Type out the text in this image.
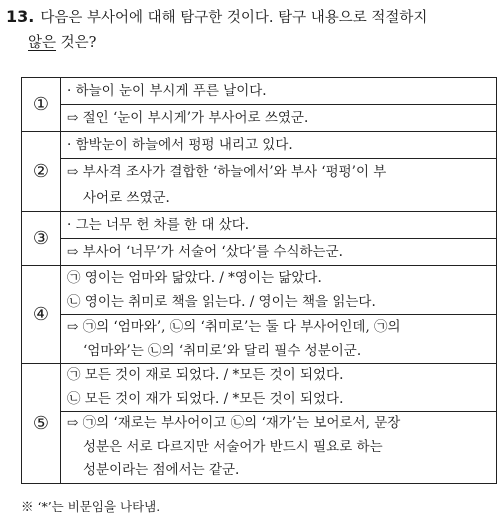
13. 다음은 부사어에 대해 탐구한 것이다. 탐구 내용으로 적절하지
않은 것은?
①	· 하늘이 눈이 부시게 푸른 날이다.
⇨ 절인 ‘눈이 부시게’가 부사어로 쓰였군.

②	· 함박눈이 하늘에서 펑펑 내리고 있다.
⇨ 부사격 조사가 결합한 ‘하늘에서’와 부사 ‘펑펑’이 부
사어로 쓰였군.

③	· 그는 너무 헌 차를 한 대 샀다.
⇨ 부사어 ‘너무’가 서술어 ‘샀다’를 수식하는군.

④	㉠ 영이는 엄마와 닮았다. / *영이는 닮았다.
㉡ 영이는 취미로 책을 읽는다. / 영이는 책을 읽는다.
⇨ ㉠의 ‘엄마와’, ㉡의 ‘취미로’는 둘 다 부사어인데, ㉠의
‘엄마와’는 ㉡의 ‘취미로’와 달리 필수 성분이군.

⑤	㉠ 모든 것이 재로 되었다. / *모든 것이 되었다.
㉡ 모든 것이 재가 되었다. / *모든 것이 되었다.
⇨ ㉠의 ‘재로는 부사어이고 ㉡의 ‘재가’는 보어로서, 문장
성분은 서로 다르지만 서술어가 반드시 필요로 하는
성분이라는 점에서는 같군.
※ ‘*’는 비문임을 나타냄.
